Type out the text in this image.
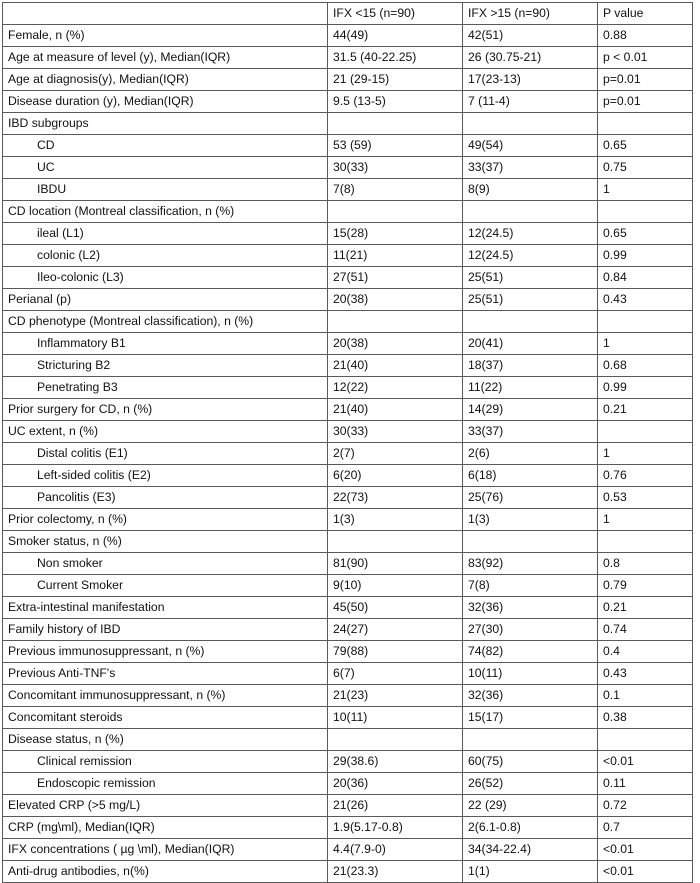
	IFX <15 (n=90)	IFX >15 (n=90)	P value
Female, n (%)	44(49)	42(51)	0.88
Age at measure of level (y), Median(IQR)	31.5 (40-22.25)	26 (30.75-21)	p < 0.01
Age at diagnosis(y), Median(IQR)	21 (29-15)	17(23-13)	p=0.01
Disease duration (y), Median(IQR)	9.5 (13-5)	7 (11-4)	p=0.01
IBD subgroups			
CD	53 (59)	49(54)	0.65
UC	30(33)	33(37)	0.75
IBDU	7(8)	8(9)	1
CD location (Montreal classification, n (%)			
ileal (L1)	15(28)	12(24.5)	0.65
colonic (L2)	11(21)	12(24.5)	0.99
Ileo-colonic (L3)	27(51)	25(51)	0.84
Perianal (p)	20(38)	25(51)	0.43
CD phenotype (Montreal classification), n (%)			
Inflammatory B1	20(38)	20(41)	1
Stricturing B2	21(40)	18(37)	0.68
Penetrating B3	12(22)	11(22)	0.99
Prior surgery for CD, n (%)	21(40)	14(29)	0.21
UC extent, n (%)	30(33)	33(37)	
Distal colitis (E1)	2(7)	2(6)	1
Left-sided colitis (E2)	6(20)	6(18)	0.76
Pancolitis (E3)	22(73)	25(76)	0.53
Prior colectomy, n (%)	1(3)	1(3)	1
Smoker status, n (%)			
Non smoker	81(90)	83(92)	0.8
Current Smoker	9(10)	7(8)	0.79
Extra-intestinal manifestation	45(50)	32(36)	0.21
Family history of IBD	24(27)	27(30)	0.74
Previous immunosuppressant, n (%)	79(88)	74(82)	0.4
Previous Anti-TNF's	6(7)	10(11)	0.43
Concomitant immunosuppressant, n (%)	21(23)	32(36)	0.1
Concomitant steroids	10(11)	15(17)	0.38
Disease status, n (%)			
Clinical remission	29(38.6)	60(75)	<0.01
Endoscopic remission	20(36)	26(52)	0.11
Elevated CRP (>5 mg/L)	21(26)	22 (29)	0.72
CRP (mg\ml), Median(IQR)	1.9(5.17-0.8)	2(6.1-0.8)	0.7
IFX concentrations ( µg \ml), Median(IQR)	4.4(7.9-0)	34(34-22.4)	<0.01
Anti-drug antibodies, n(%)	21(23.3)	1(1)	<0.01
